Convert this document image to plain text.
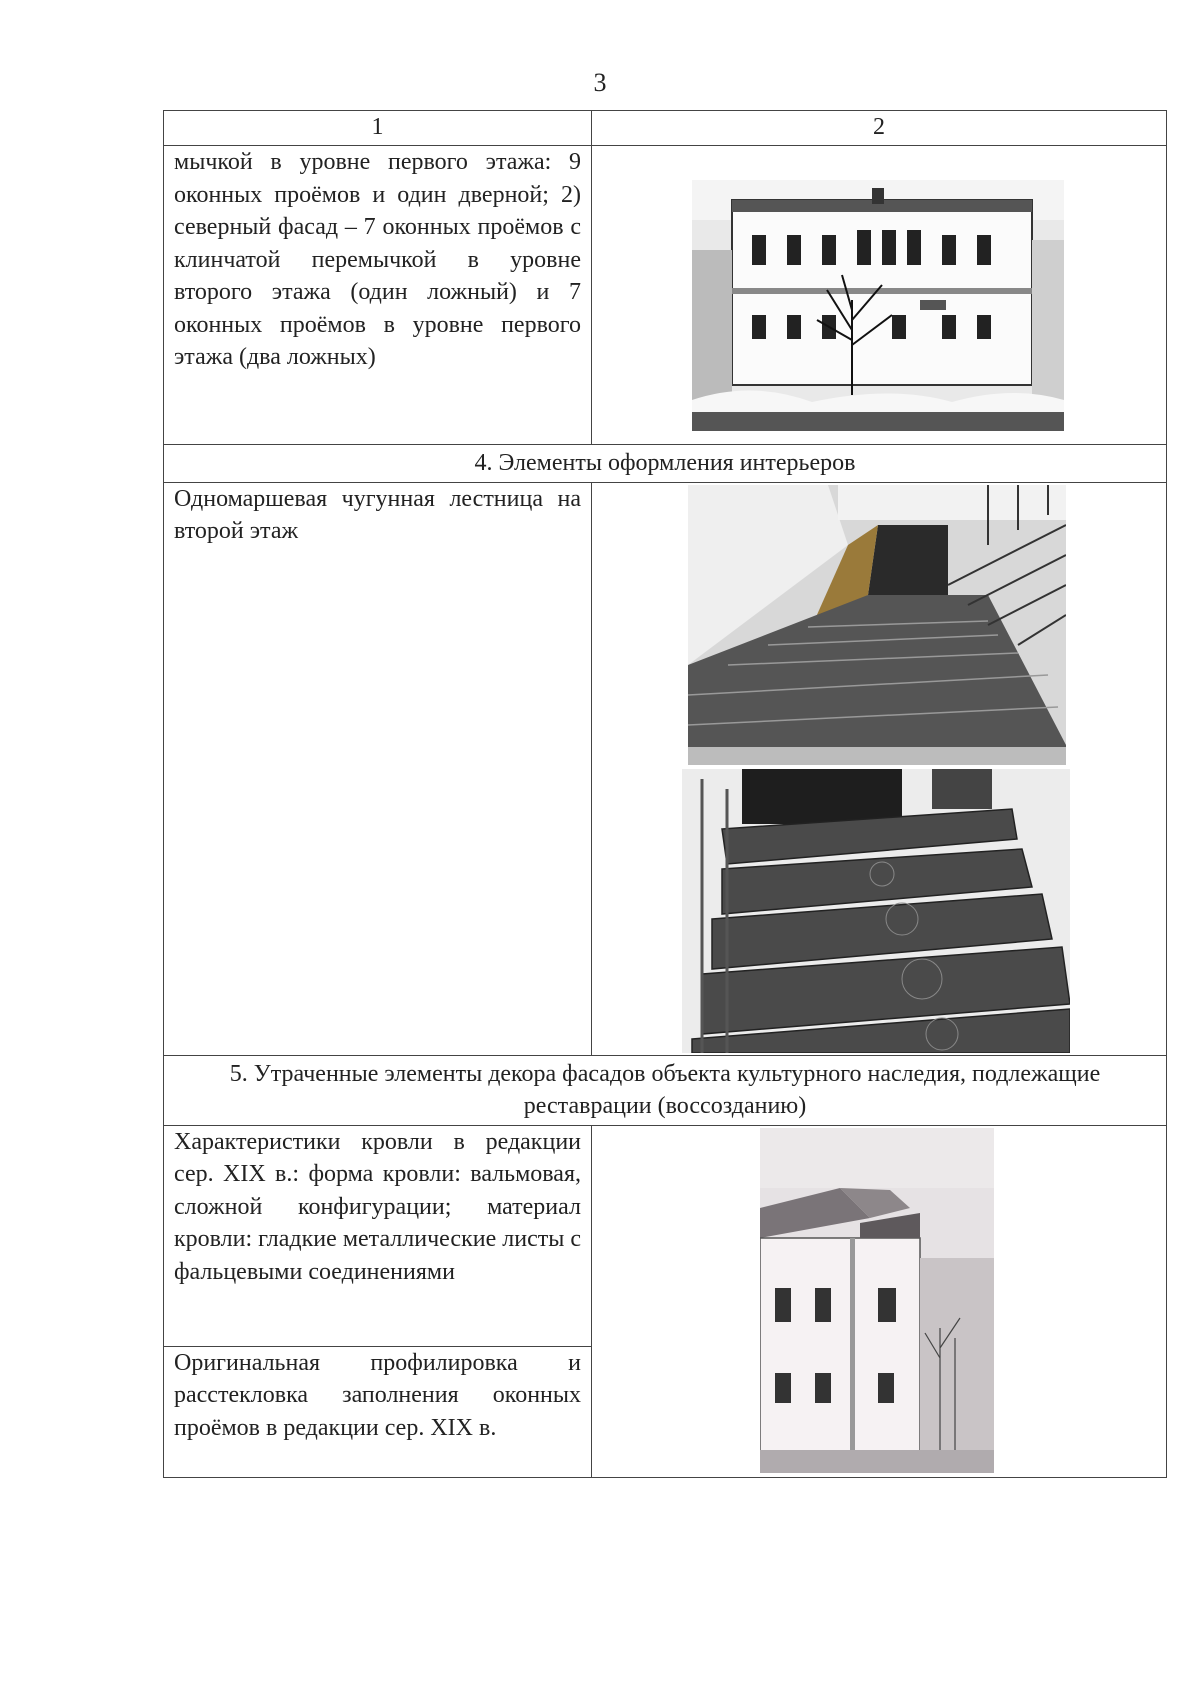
3
1	2
мычкой в уровне первого этажа: 9 оконных проёмов и один дверной; 2) северный фасад – 7 оконных проёмов с клинчатой перемычкой в уровне второго этажа (один ложный) и 7 оконных проёмов в уровне первого этажа (два ложных)	

4. Элементы оформления интерьеров	
Одномаршевая чугунная лестница на второй этаж	

5. Утраченные элементы декора фасадов объекта культурного наследия, подлежащие реставрации (воссозданию)	
Характеристики кровли в редакции сер. XIX в.: форма кровли: вальмовая, сложной конфигурации; материал кровли: гладкие металлические листы с фальцевыми соединениями	

Оригинальная профилировка и расстекловка заполнения оконных проёмов в редакции сер. XIX в.	
